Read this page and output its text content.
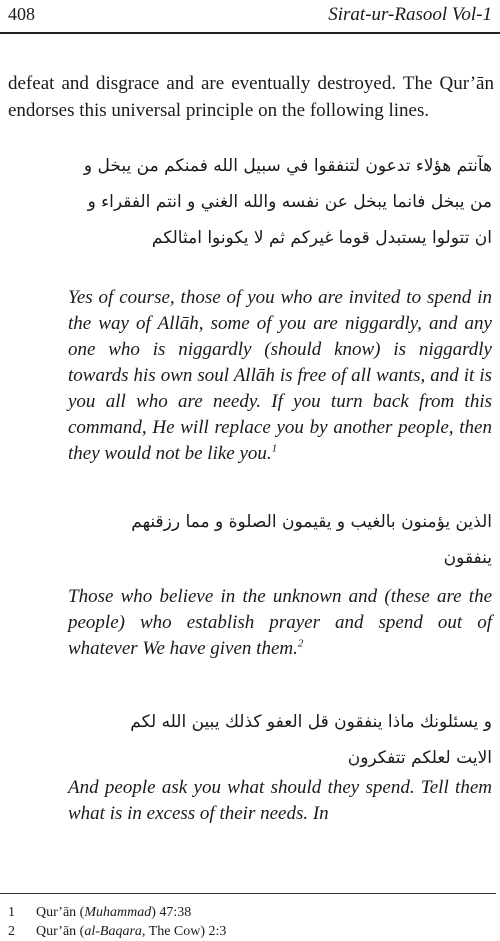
408	Sirat-ur-Rasool Vol-1

defeat and disgrace and are eventually destroyed. The Qur’ān endorses this universal principle on the following lines.

هآنتم هؤلاء تدعون لتنفقوا في سبيل الله فمنكم من يبخل و
من يبخل فانما يبخل عن نفسه والله الغني و انتم الفقراء و
ان تتولوا يستبدل قوما غيركم ثم لا يكونوا امثالكم

Yes of course, those of you who are invited to spend in the way of Allāh, some of you are niggardly, and any one who is niggardly (should know) is niggardly towards his own soul Allāh is free of all wants, and it is you all who are needy. If you turn back from this command, He will replace you by another people, then they would not be like you.$^1$

الذين يؤمنون بالغيب و يقيمون الصلوة و مما رزقنهم
ينفقون

Those who believe in the unknown and (these are the people) who establish prayer and spend out of whatever We have given them.$^2$

و يسئلونك ماذا ينفقون قل العفو كذلك يبين الله لكم
الايت لعلكم تتفكرون

And people ask you what should they spend. Tell them what is in excess of their needs. In

1	Qur’ān (Muhammad) 47:38
2	Qur’ān (al-Baqara, The Cow) 2:3
